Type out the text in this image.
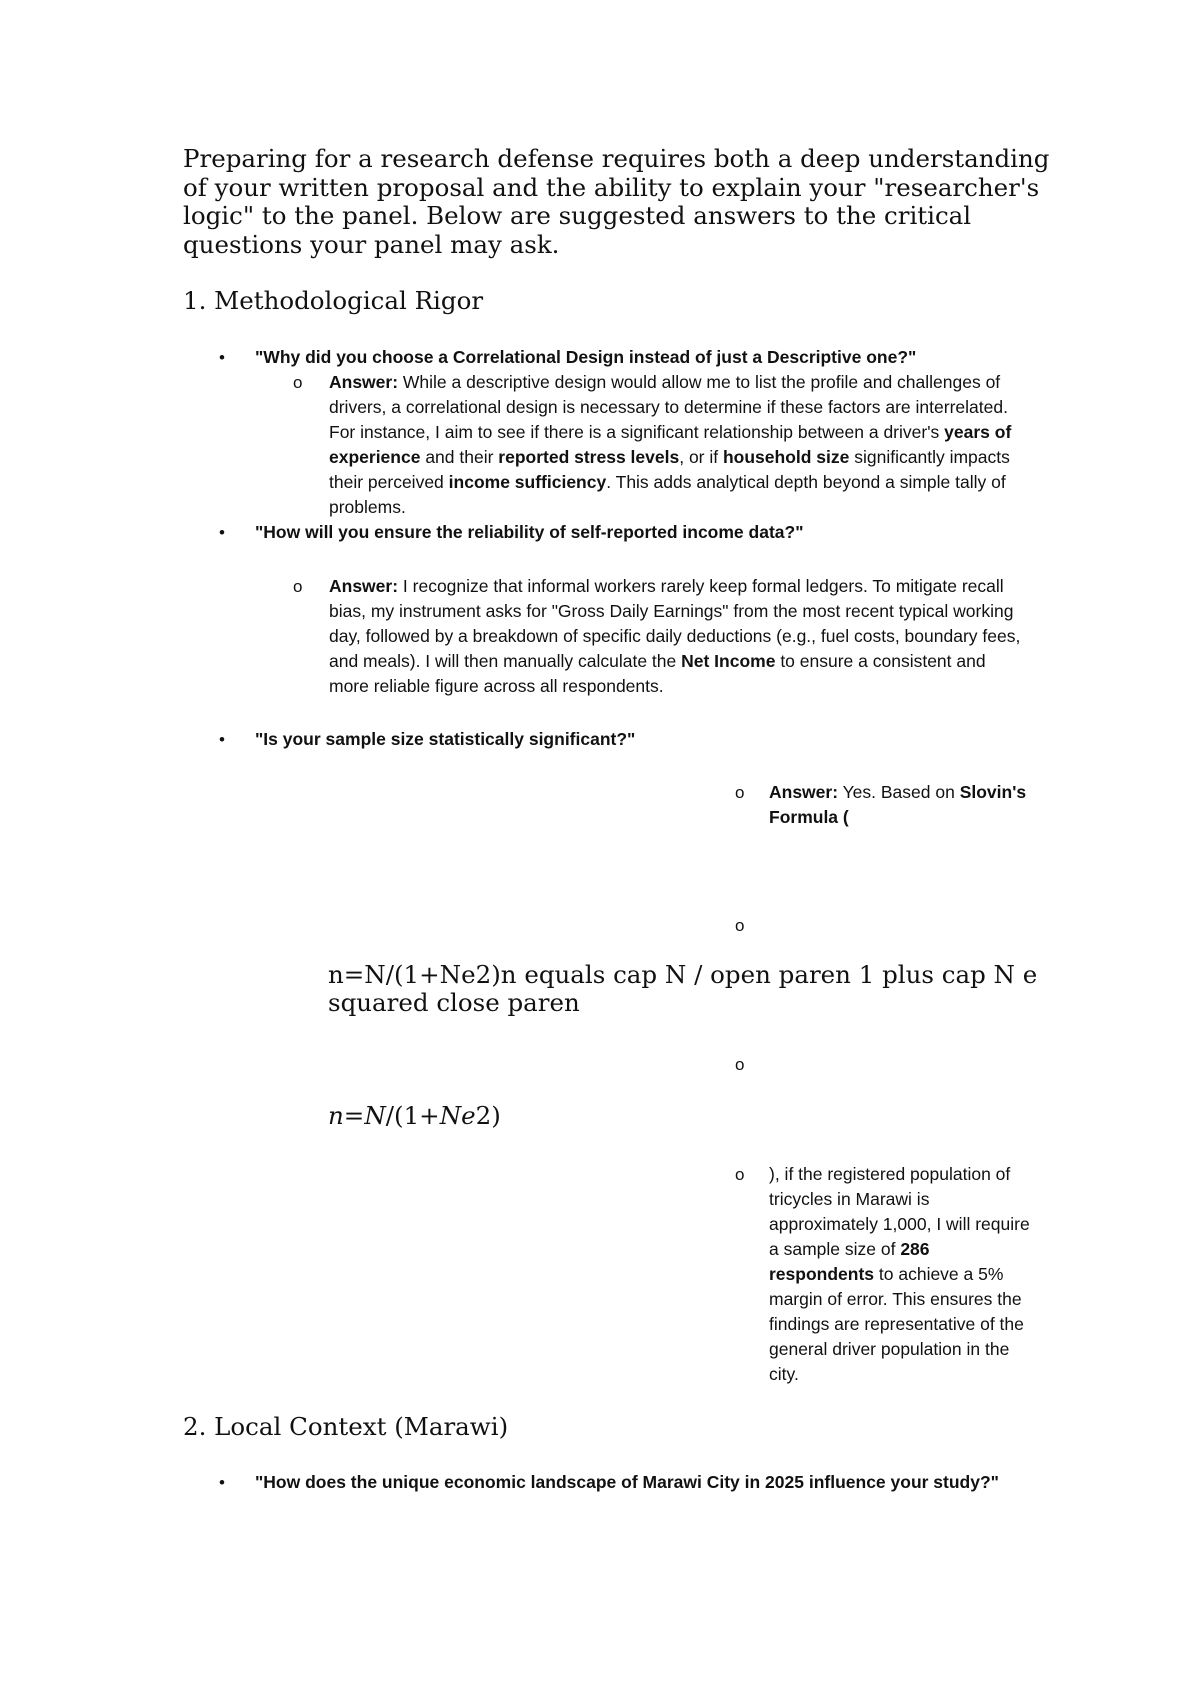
Preparing for a research defense requires both a deep understanding of your written proposal and the ability to explain your "researcher's logic" to the panel. Below are suggested answers to the critical questions your panel may ask.

1. Methodological Rigor
• "Why did you choose a Correlational Design instead of just a Descriptive one?"

o Answer: While a descriptive design would allow me to list the profile and challenges of drivers, a correlational design is necessary to determine if these factors are interrelated. For instance, I aim to see if there is a significant relationship between a driver's years of experience and their reported stress levels, or if household size significantly impacts their perceived income sufficiency. This adds analytical depth beyond a simple tally of problems.

• "How will you ensure the reliability of self-reported income data?"

o Answer: I recognize that informal workers rarely keep formal ledgers. To mitigate recall bias, my instrument asks for "Gross Daily Earnings" from the most recent typical working day, followed by a breakdown of specific daily deductions (e.g., fuel costs, boundary fees, and meals). I will then manually calculate the Net Income to ensure a consistent and more reliable figure across all respondents.

• "Is your sample size statistically significant?"

o Answer: Yes. Based on Slovin's Formula (

o

n=N/(1+Ne2)n equals cap N / open paren 1 plus cap N e squared close paren

o

n=N/(1+Ne2)

o ), if the registered population of tricycles in Marawi is approximately 1,000, I will require a sample size of 286 respondents to achieve a 5% margin of error. This ensures the findings are representative of the general driver population in the city.

2. Local Context (Marawi)
• "How does the unique economic landscape of Marawi City in 2025 influence your study?"
